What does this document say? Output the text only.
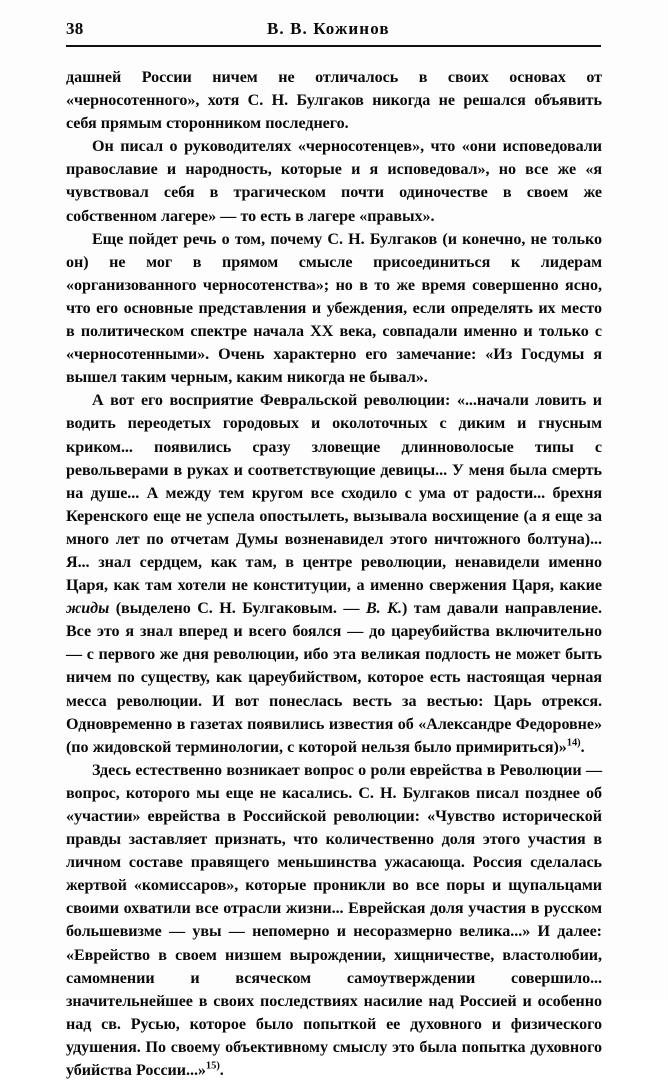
38	В. В. Кожинов

дашней России ничем не отличалось в своих основах от «черносотенного», хотя С. Н. Булгаков никогда не решался объявить себя прямым сторонником последнего.

Он писал о руководителях «черносотенцев», что «они исповедовали православие и народность, которые и я исповедовал», но все же «я чувствовал себя в трагическом почти одиночестве в своем же собственном лагере» — то есть в лагере «правых».

Еще пойдет речь о том, почему С. Н. Булгаков (и конечно, не только он) не мог в прямом смысле присоединиться к лидерам «организованного черносотенства»; но в то же время совершенно ясно, что его основные представления и убеждения, если определять их место в политическом спектре начала ХХ века, совпадали именно и только с «черносотенными». Очень характерно его замечание: «Из Госдумы я вышел таким черным, каким никогда не бывал».

А вот его восприятие Февральской революции: «...начали ловить и водить переодетых городовых и околоточных с диким и гнусным криком... появились сразу зловещие длинноволосые типы с револьверами в руках и соответствующие девицы... У меня была смерть на душе... А между тем кругом все сходило с ума от радости... брехня Керенского еще не успела опостылеть, вызывала восхищение (а я еще за много лет по отчетам Думы возненавидел этого ничтожного болтуна)... Я... знал сердцем, как там, в центре революции, ненавидели именно Царя, как там хотели не конституции, а именно свержения Царя, какие жиды (выделено С. Н. Булгаковым. — В. К.) там давали направление. Все это я знал вперед и всего боялся — до цареубийства включительно — с первого же дня революции, ибо эта великая подлость не может быть ничем по существу, как цареубийством, которое есть настоящая черная месса революции. И вот понеслась весть за вестью: Царь отрекся. Одновременно в газетах появились известия об «Александре Федоровне» (по жидовской терминологии, с которой нельзя было примириться)»$^{14)}$.

Здесь естественно возникает вопрос о роли еврейства в Революции — вопрос, которого мы еще не касались. С. Н. Булгаков писал позднее об «участии» еврейства в Российской революции: «Чувство исторической правды заставляет признать, что количественно доля этого участия в личном составе правящего меньшинства ужасающа. Россия сделалась жертвой «комиссаров», которые проникли во все поры и щупальцами своими охватили все отрасли жизни... Еврейская доля участия в русском большевизме — увы — непомерно и несоразмерно велика...» И далее: «Еврейство в своем низшем вырождении, хищничестве, властолюбии, самомнении и всяческом самоутверждении совершило... значительнейшее в своих последствиях насилие над Россией и особенно над св. Русью, которое было попыткой ее духовного и физического удушения. По своему объективному смыслу это была попытка духовного убийства России...»$^{15)}$.
